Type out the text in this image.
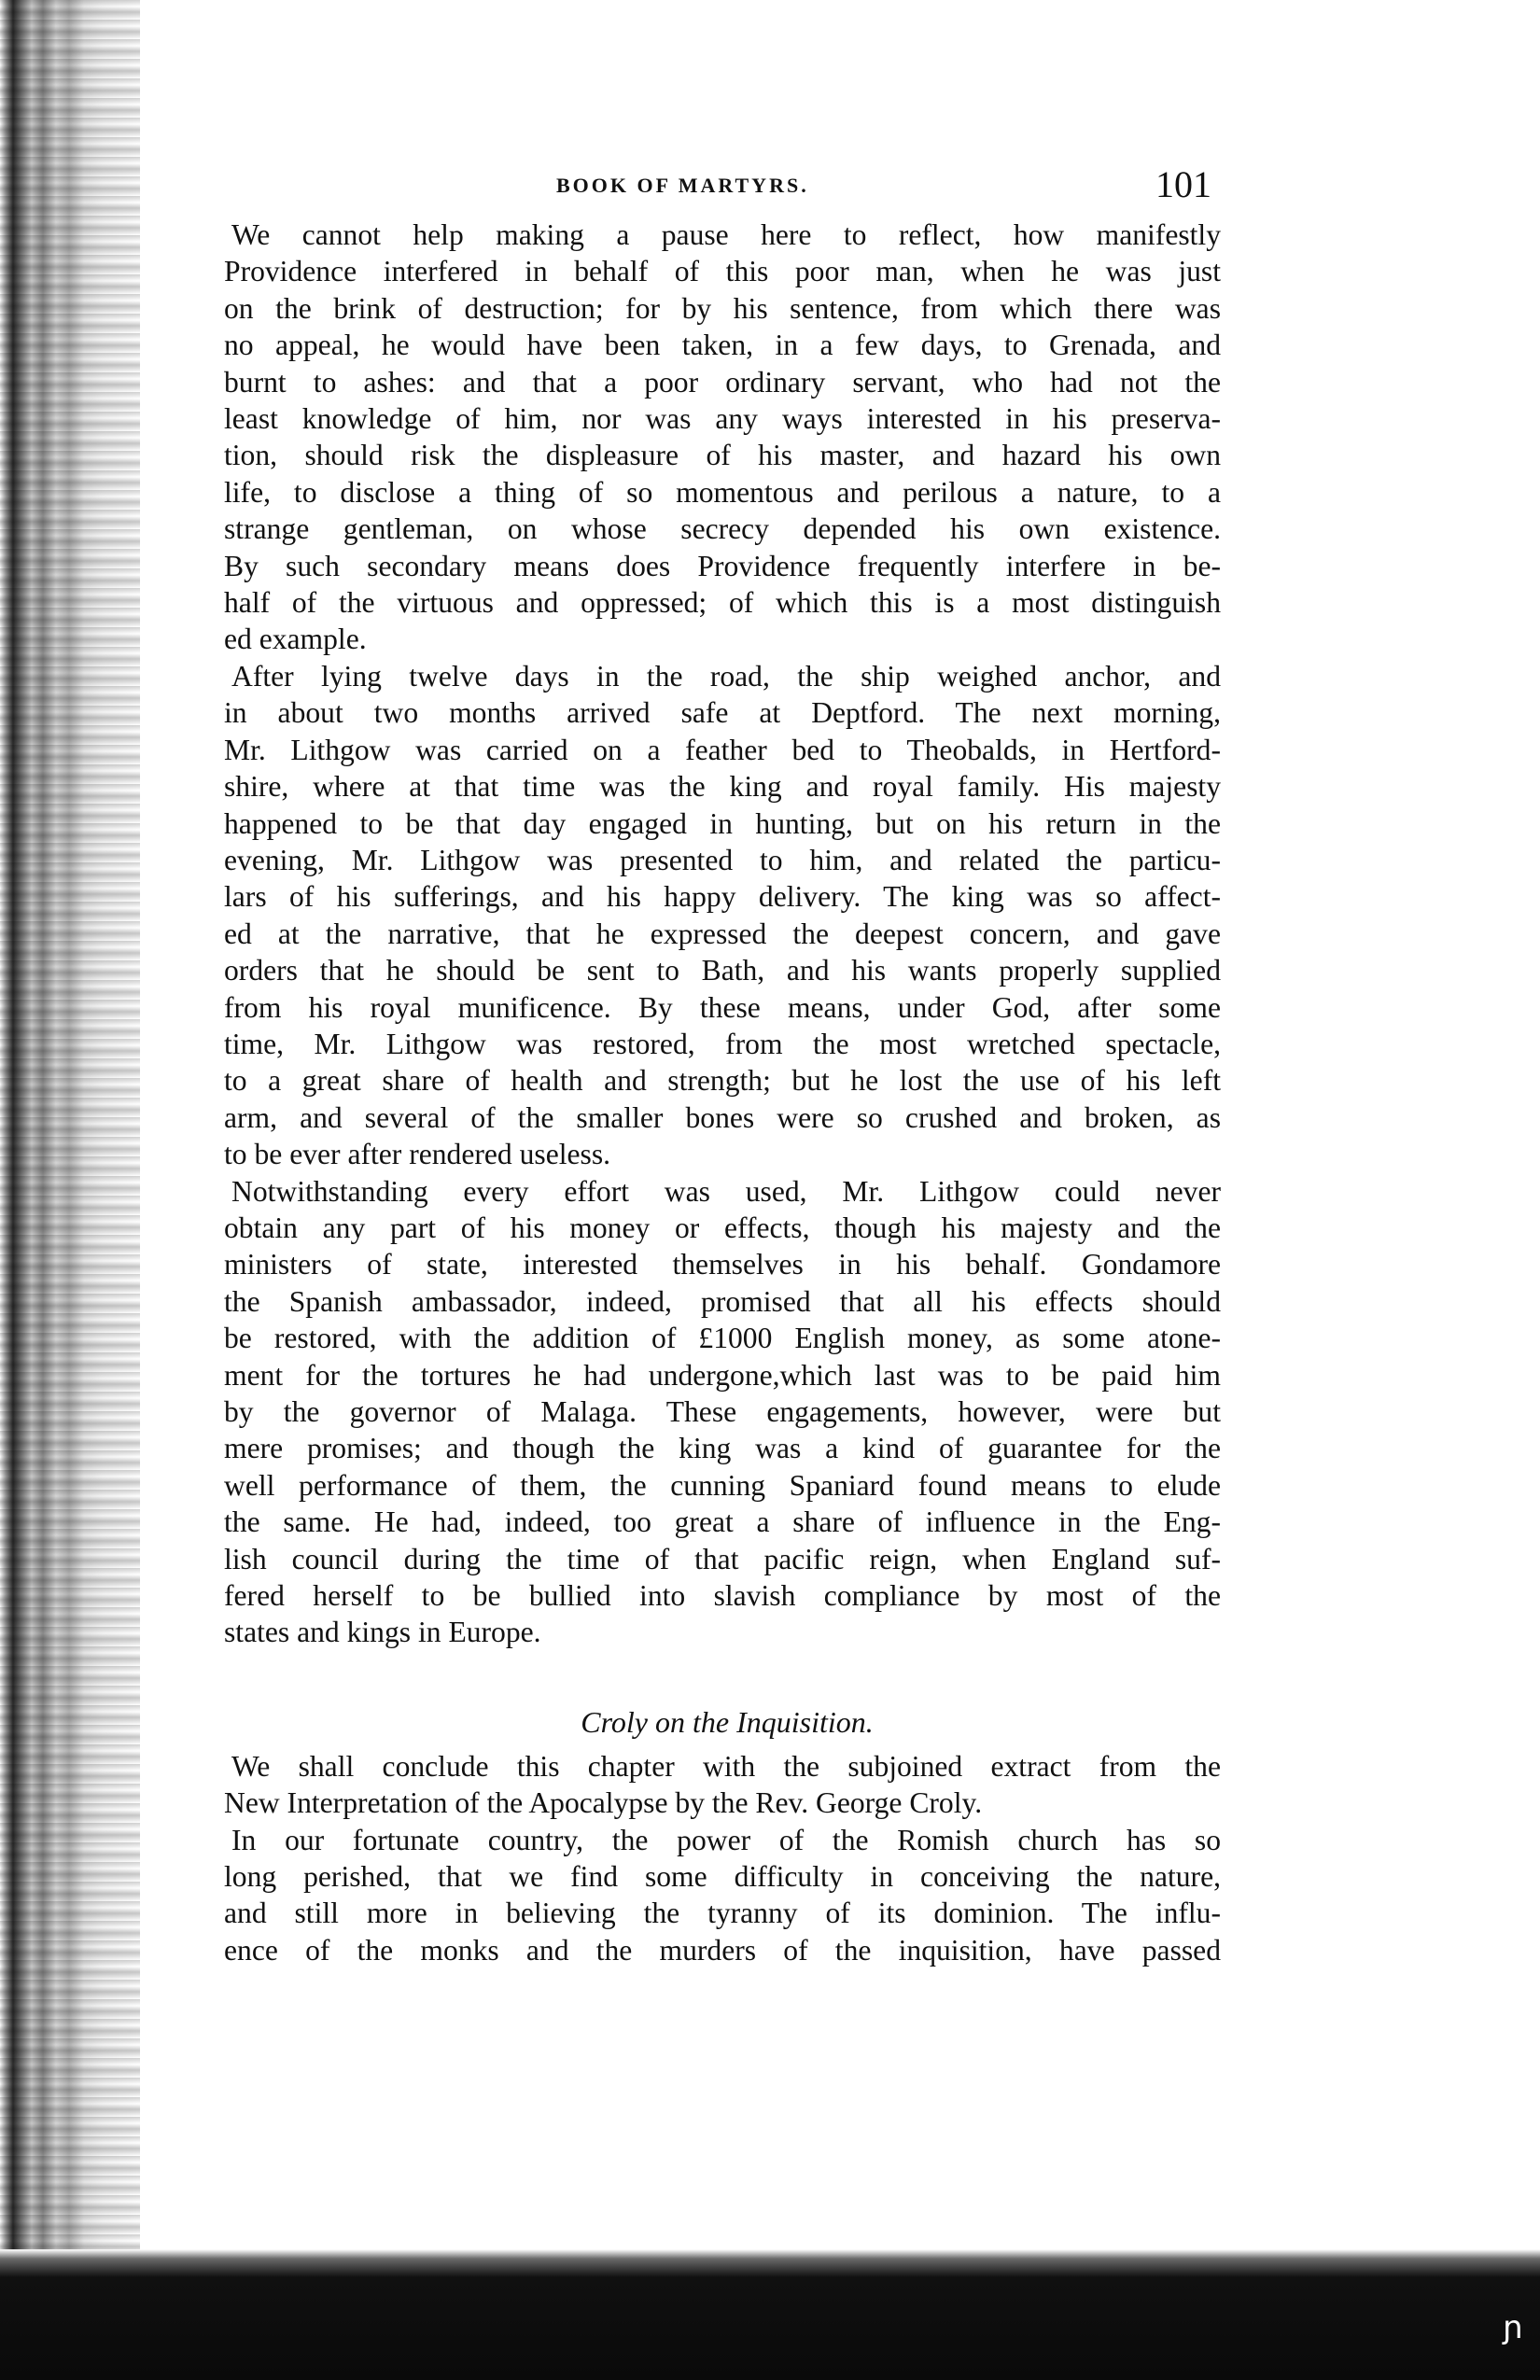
BOOK OF MARTYRS.	101

We cannot help making a pause here to reflect, how manifestly
Providence interfered in behalf of this poor man, when he was just
on the brink of destruction; for by his sentence, from which there was
no appeal, he would have been taken, in a few days, to Grenada, and
burnt to ashes: and that a poor ordinary servant, who had not the
least knowledge of him, nor was any ways interested in his preserva-
tion, should risk the displeasure of his master, and hazard his own
life, to disclose a thing of so momentous and perilous a nature, to a
strange gentleman, on whose secrecy depended his own existence.
By such secondary means does Providence frequently interfere in be-
half of the virtuous and oppressed; of which this is a most distinguish
ed example.

After lying twelve days in the road, the ship weighed anchor, and
in about two months arrived safe at Deptford. The next morning,
Mr. Lithgow was carried on a feather bed to Theobalds, in Hertford-
shire, where at that time was the king and royal family. His majesty
happened to be that day engaged in hunting, but on his return in the
evening, Mr. Lithgow was presented to him, and related the particu-
lars of his sufferings, and his happy delivery. The king was so affect-
ed at the narrative, that he expressed the deepest concern, and gave
orders that he should be sent to Bath, and his wants properly supplied
from his royal munificence. By these means, under God, after some
time, Mr. Lithgow was restored, from the most wretched spectacle,
to a great share of health and strength; but he lost the use of his left
arm, and several of the smaller bones were so crushed and broken, as
to be ever after rendered useless.

Notwithstanding every effort was used, Mr. Lithgow could never
obtain any part of his money or effects, though his majesty and the
ministers of state, interested themselves in his behalf. Gondamore
the Spanish ambassador, indeed, promised that all his effects should
be restored, with the addition of £1000 English money, as some atone-
ment for the tortures he had undergone,which last was to be paid him
by the governor of Malaga. These engagements, however, were but
mere promises; and though the king was a kind of guarantee for the
well performance of them, the cunning Spaniard found means to elude
the same. He had, indeed, too great a share of influence in the Eng-
lish council during the time of that pacific reign, when England suf-
fered herself to be bullied into slavish compliance by most of the
states and kings in Europe.

Croly on the Inquisition.

We shall conclude this chapter with the subjoined extract from the
New Interpretation of the Apocalypse by the Rev. George Croly.

In our fortunate country, the power of the Romish church has so
long perished, that we find some difficulty in conceiving the nature,
and still more in believing the tyranny of its dominion. The influ-
ence of the monks and the murders of the inquisition, have passed

ɲ
